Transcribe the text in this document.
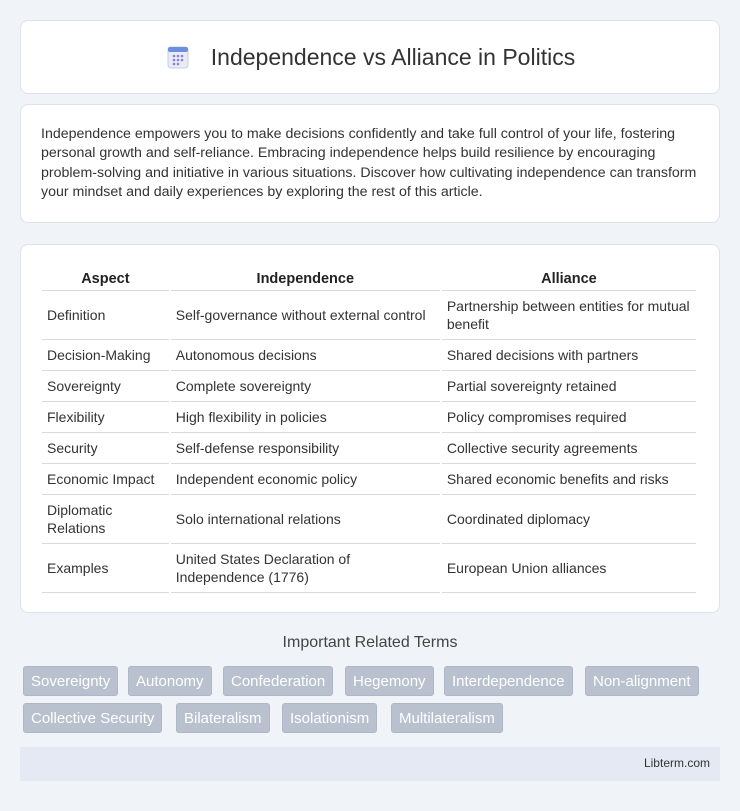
Independence vs Alliance in Politics

Independence empowers you to make decisions confidently and take full control of your life, fostering personal growth and self-reliance. Embracing independence helps build resilience by encouraging problem-solving and initiative in various situations. Discover how cultivating independence can transform your mindset and daily experiences by exploring the rest of this article.

Aspect	Independence	Alliance
Definition	Self-governance without external control	Partnership between entities for mutual benefit
Decision-Making	Autonomous decisions	Shared decisions with partners
Sovereignty	Complete sovereignty	Partial sovereignty retained
Flexibility	High flexibility in policies	Policy compromises required
Security	Self-defense responsibility	Collective security agreements
Economic Impact	Independent economic policy	Shared economic benefits and risks
Diplomatic Relations	Solo international relations	Coordinated diplomacy
Examples	United States Declaration of Independence (1776)	European Union alliances
Important Related Terms
Sovereignty	Autonomy	Confederation	Hegemony	Interdependence	Non-alignment
Collective Security	Bilateralism	Isolationism	Multilateralism
Libterm.com
